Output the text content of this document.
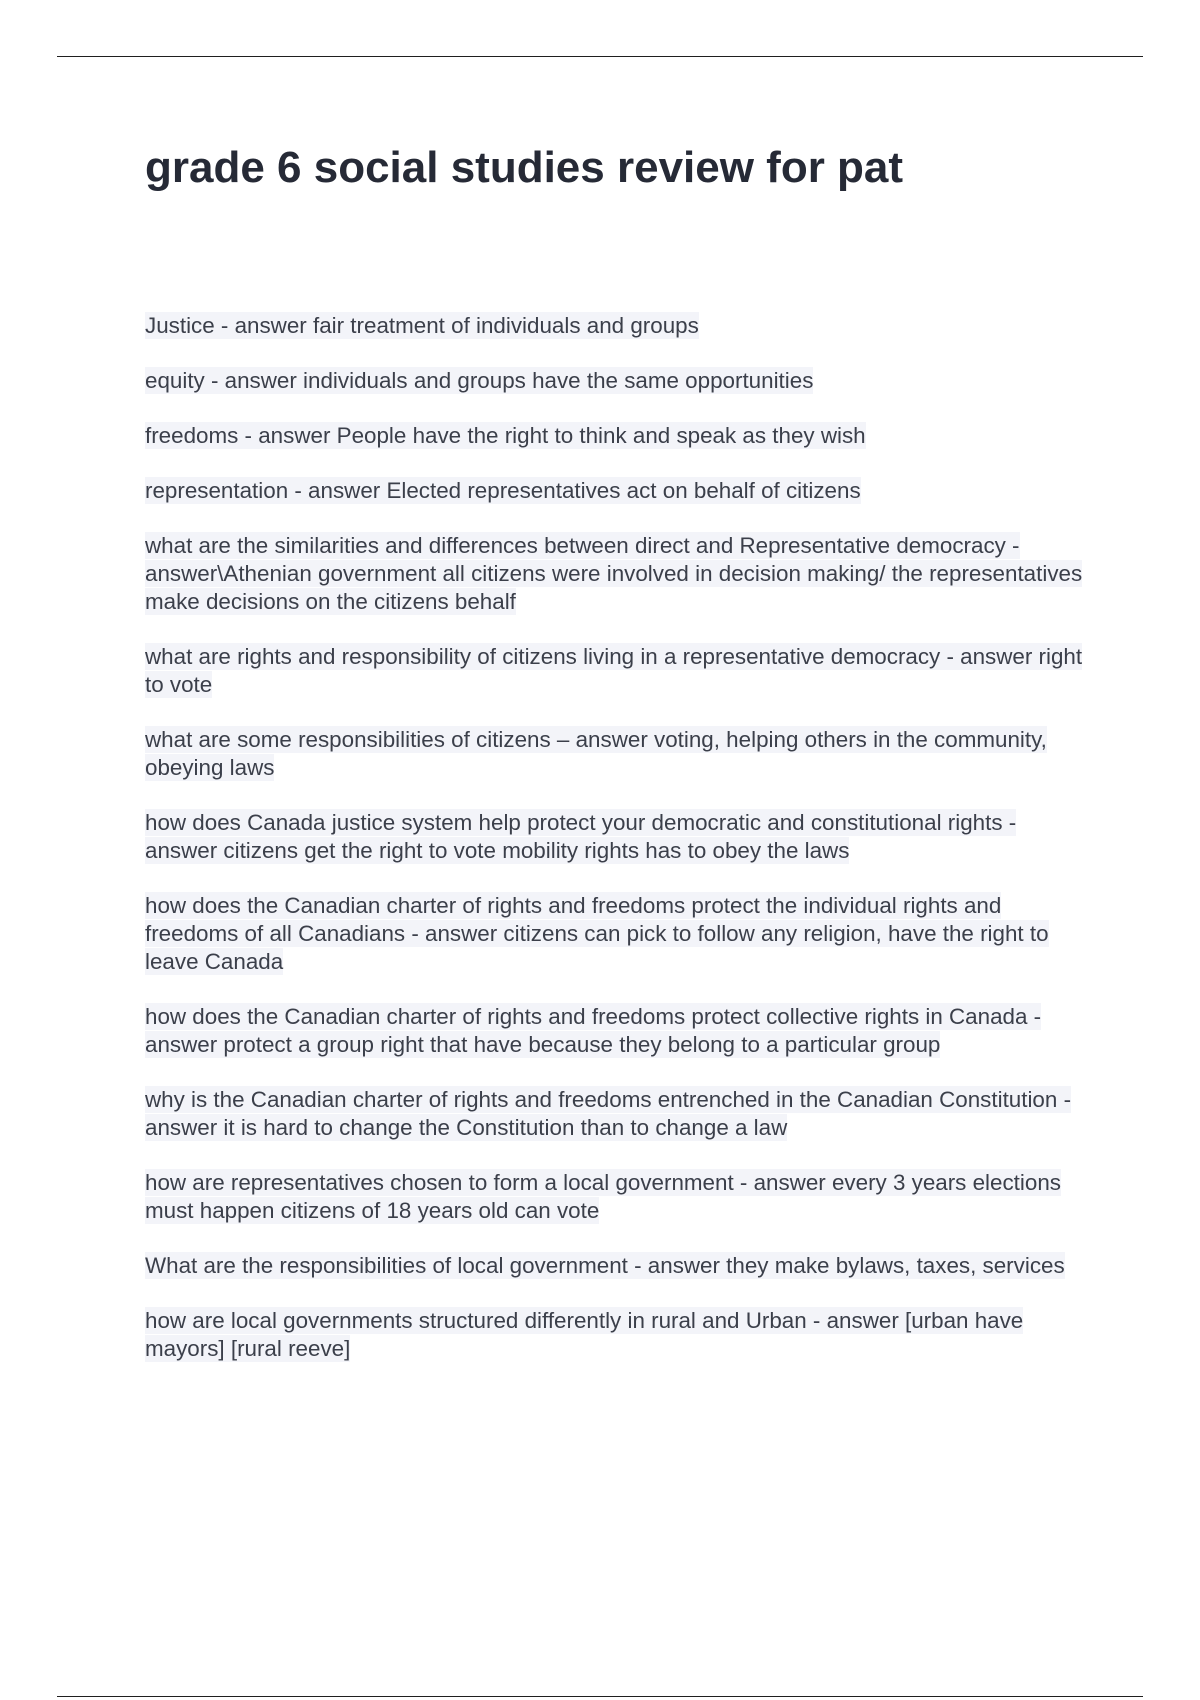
grade 6 social studies review for pat
Justice - answer fair treatment of individuals and groups
equity - answer individuals and groups have the same opportunities
freedoms - answer People have the right to think and speak as they wish
representation - answer Elected representatives act on behalf of citizens
what are the similarities and differences between direct and Representative democracy - answer\Athenian government all citizens were involved in decision making/ the representatives make decisions on the citizens behalf
what are rights and responsibility of citizens living in a representative democracy - answer right to vote
what are some responsibilities of citizens – answer voting, helping others in the community, obeying laws
how does Canada justice system help protect your democratic and constitutional rights - answer citizens get the right to vote mobility rights has to obey the laws
how does the Canadian charter of rights and freedoms protect the individual rights and freedoms of all Canadians - answer citizens can pick to follow any religion, have the right to leave Canada
how does the Canadian charter of rights and freedoms protect collective rights in Canada - answer protect a group right that have because they belong to a particular group
why is the Canadian charter of rights and freedoms entrenched in the Canadian Constitution - answer it is hard to change the Constitution than to change a law
how are representatives chosen to form a local government - answer every 3 years elections must happen citizens of 18 years old can vote
What are the responsibilities of local government - answer they make bylaws, taxes, services
how are local governments structured differently in rural and Urban - answer [urban have mayors] [rural reeve]
